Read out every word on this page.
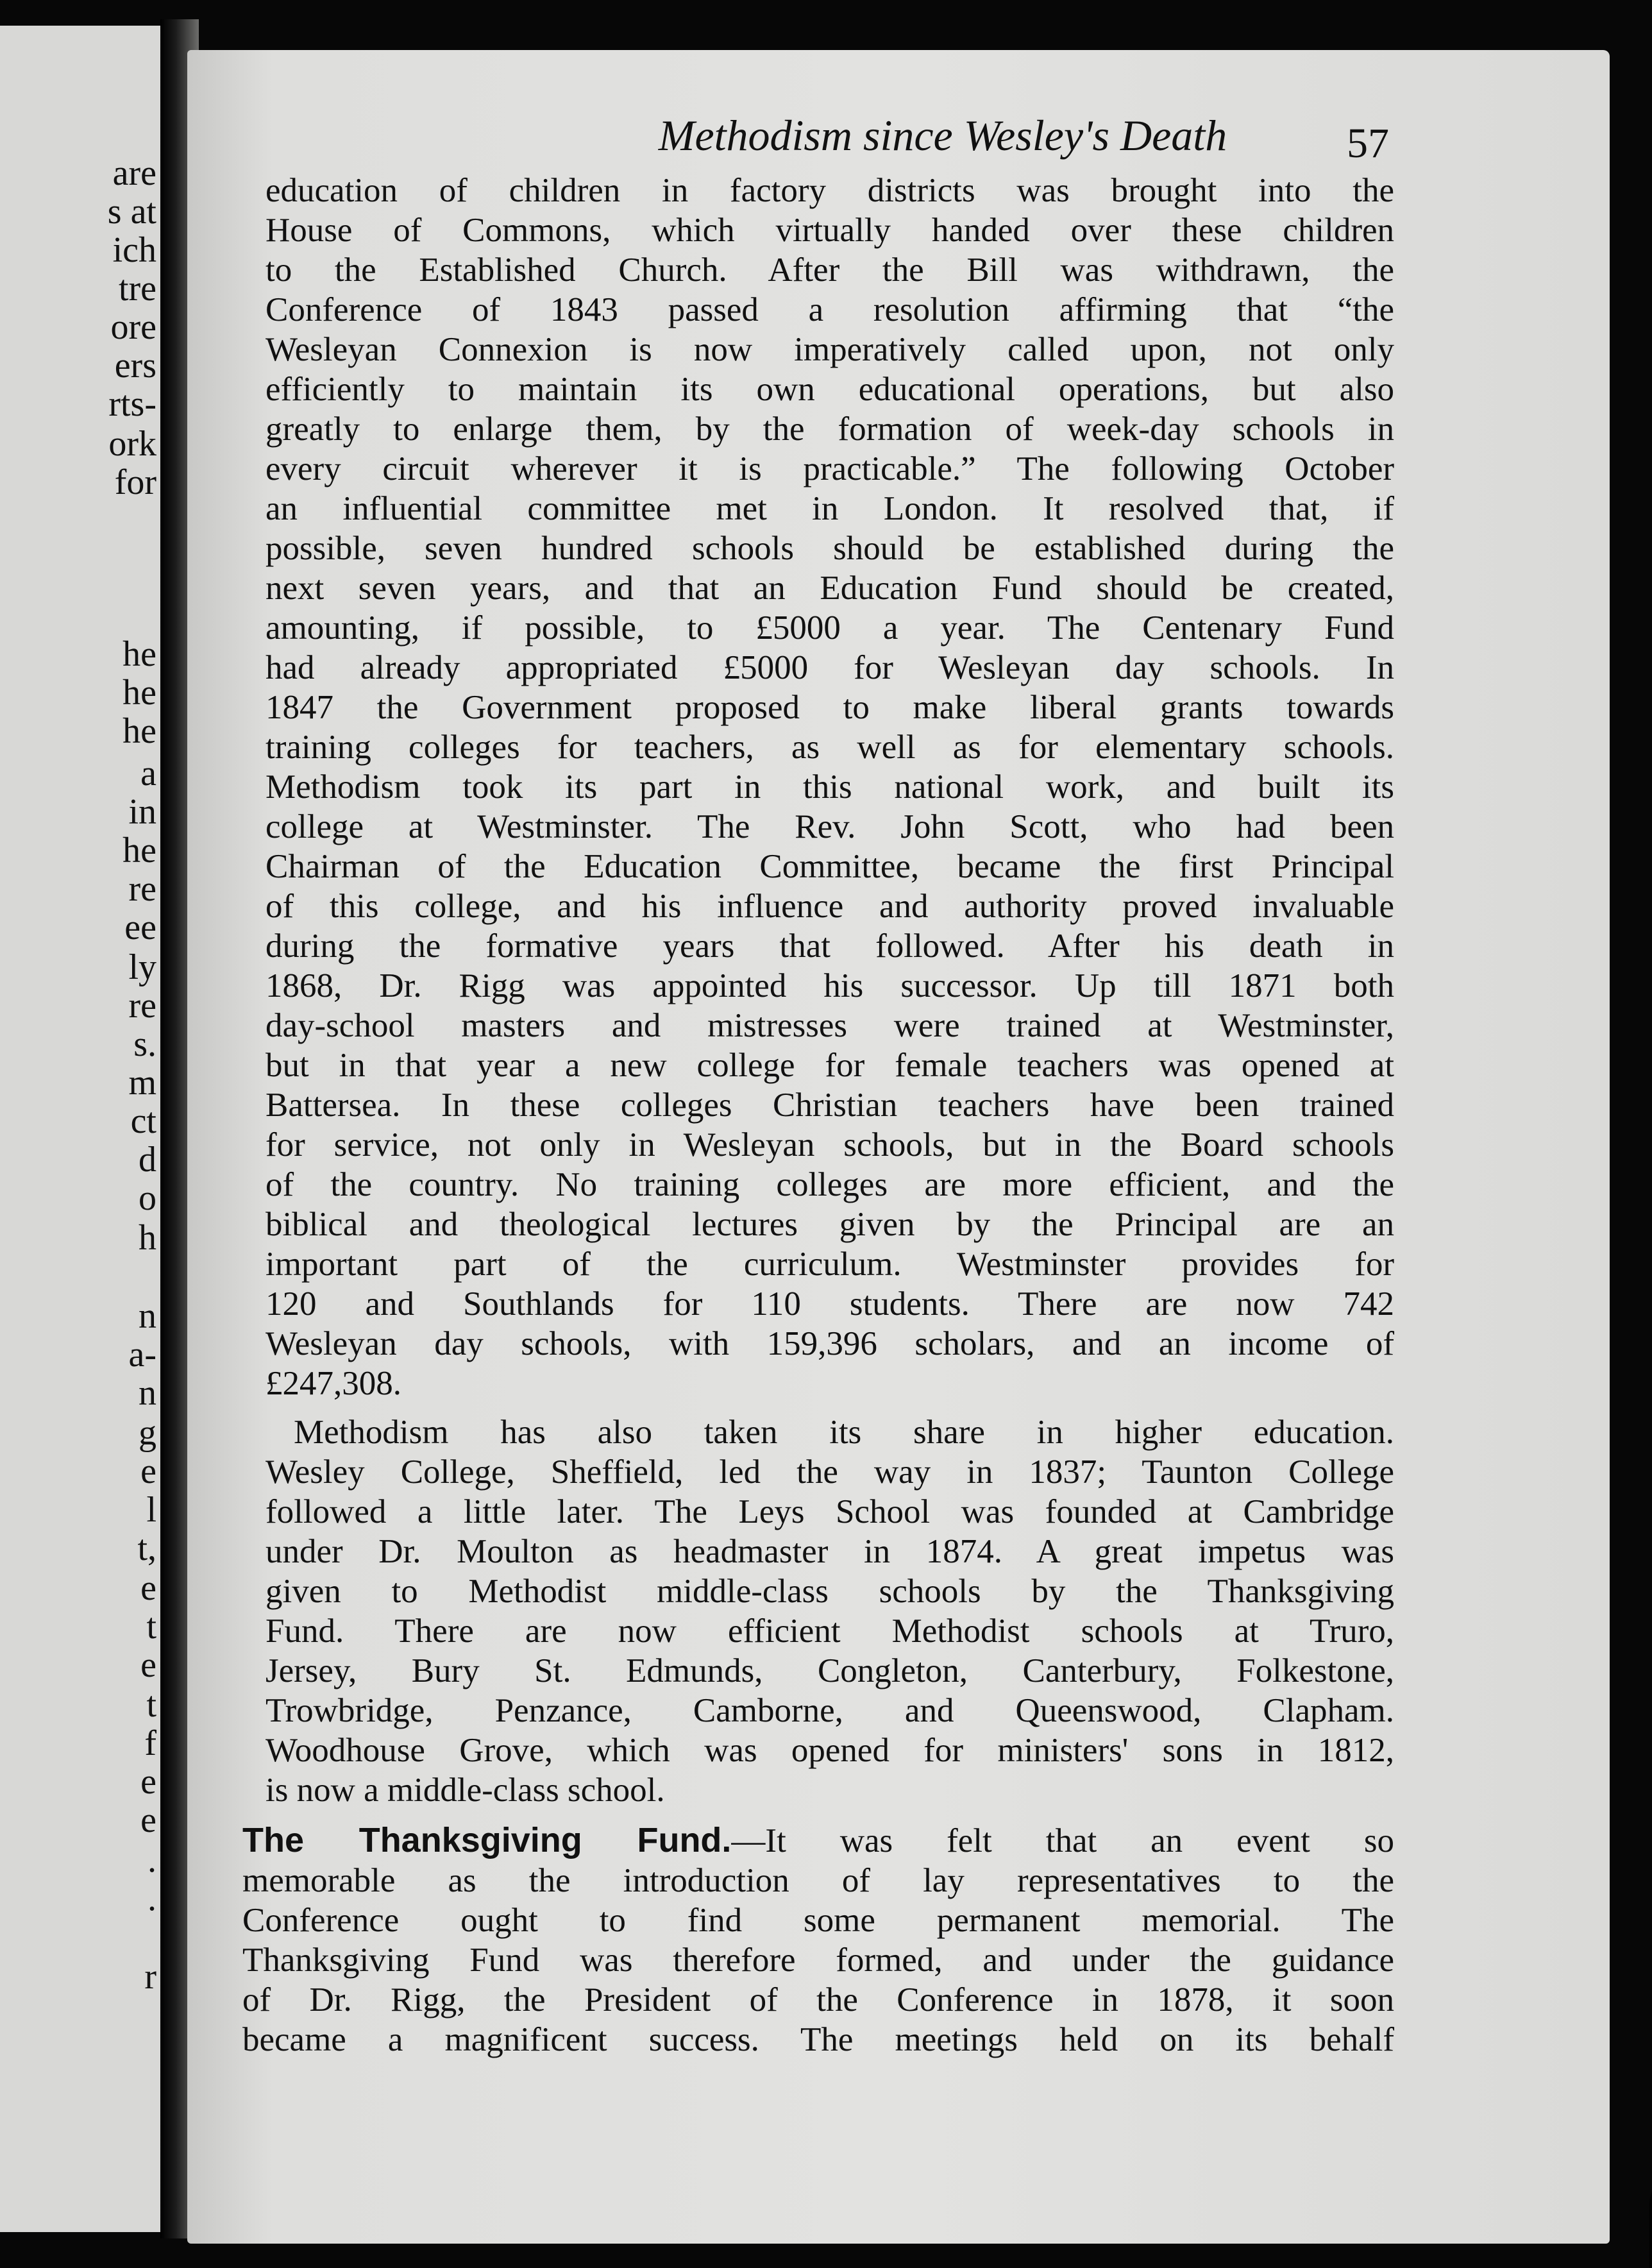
are
s at
ich
tre
ore
ers
rts-
ork
for
he
he
he
a
in
he
re
ee
ly
re
s.
m
ct
d
o
h
n
a-
n
g
e
l
t,
e
t
e
t
f
e
e
.
.
r
Methodism since Wesley's Death	57
education of children in factory districts was brought into the
House of Commons, which virtually handed over these children
to the Established Church. After the Bill was withdrawn, the
Conference of 1843 passed a resolution affirming that “the
Wesleyan Connexion is now imperatively called upon, not only
efficiently to maintain its own educational operations, but also
greatly to enlarge them, by the formation of week-day schools in
every circuit wherever it is practicable.” The following October
an influential committee met in London. It resolved that, if
possible, seven hundred schools should be established during the
next seven years, and that an Education Fund should be created,
amounting, if possible, to £5000 a year. The Centenary Fund
had already appropriated £5000 for Wesleyan day schools. In
1847 the Government proposed to make liberal grants towards
training colleges for teachers, as well as for elementary schools.
Methodism took its part in this national work, and built its
college at Westminster. The Rev. John Scott, who had been
Chairman of the Education Committee, became the first Principal
of this college, and his influence and authority proved invaluable
during the formative years that followed. After his death in
1868, Dr. Rigg was appointed his successor. Up till 1871 both
day-school masters and mistresses were trained at Westminster,
but in that year a new college for female teachers was opened at
Battersea. In these colleges Christian teachers have been trained
for service, not only in Wesleyan schools, but in the Board schools
of the country. No training colleges are more efficient, and the
biblical and theological lectures given by the Principal are an
important part of the curriculum. Westminster provides for
120 and Southlands for 110 students. There are now 742
Wesleyan day schools, with 159,396 scholars, and an income of
£247,308.
Methodism has also taken its share in higher education.
Wesley College, Sheffield, led the way in 1837; Taunton College
followed a little later. The Leys School was founded at Cambridge
under Dr. Moulton as headmaster in 1874. A great impetus was
given to Methodist middle-class schools by the Thanksgiving
Fund. There are now efficient Methodist schools at Truro,
Jersey, Bury St. Edmunds, Congleton, Canterbury, Folkestone,
Trowbridge, Penzance, Camborne, and Queenswood, Clapham.
Woodhouse Grove, which was opened for ministers' sons in 1812,
is now a middle-class school.
The Thanksgiving Fund.—It was felt that an event so
memorable as the introduction of lay representatives to the
Conference ought to find some permanent memorial. The
Thanksgiving Fund was therefore formed, and under the guidance
of Dr. Rigg, the President of the Conference in 1878, it soon
became a magnificent success. The meetings held on its behalf
